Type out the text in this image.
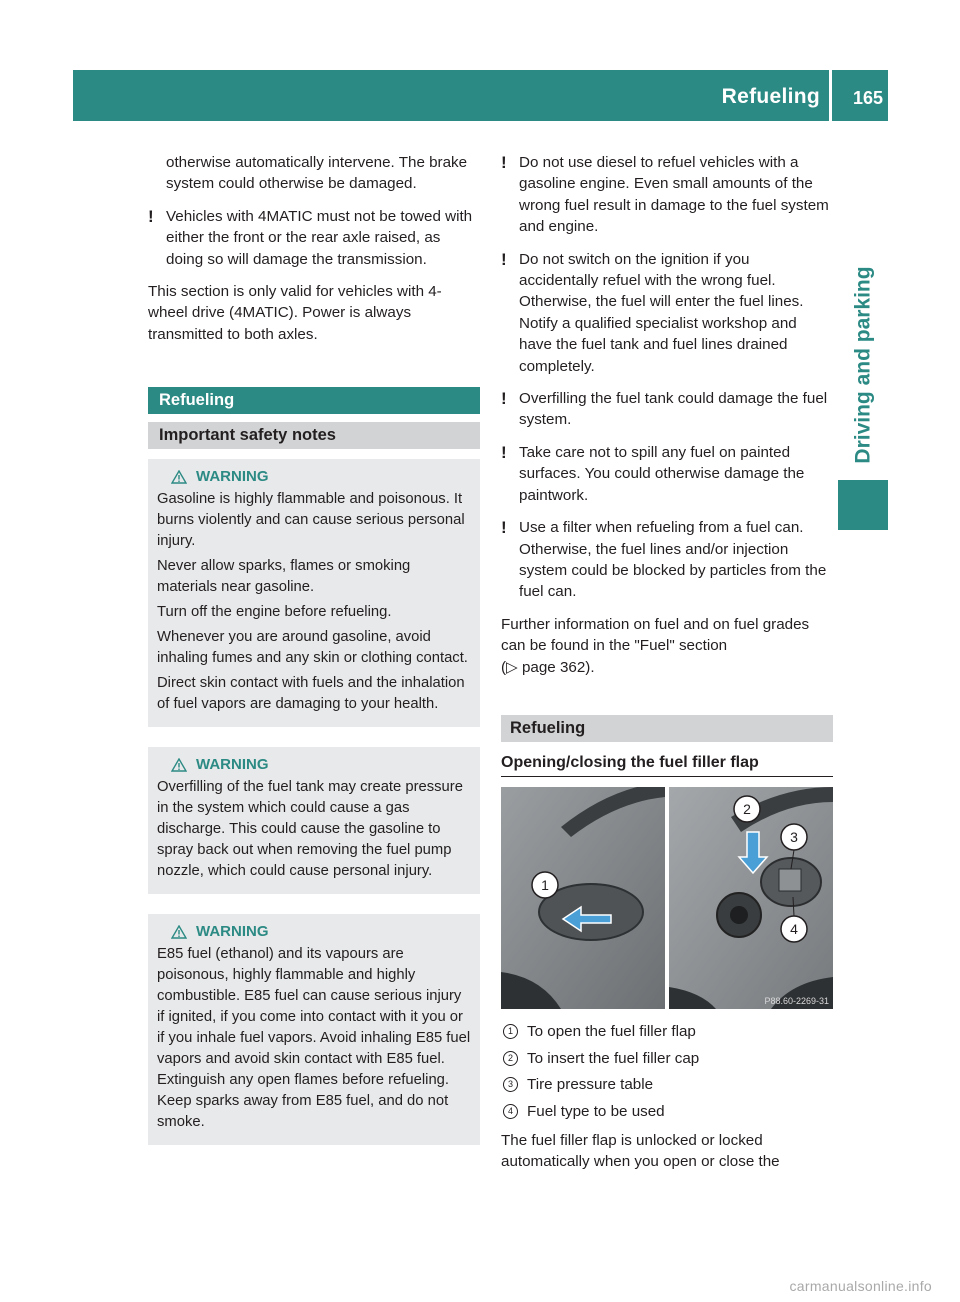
Refueling 165
Driving and parking

otherwise automatically intervene. The brake system could otherwise be damaged.

! Vehicles with 4MATIC must not be towed with either the front or the rear axle raised, as doing so will damage the transmission.

This section is only valid for vehicles with 4-wheel drive (4MATIC). Power is always transmitted to both axles.

Refueling
Important safety notes
WARNING

Gasoline is highly flammable and poisonous. It burns violently and can cause serious personal injury.

Never allow sparks, flames or smoking materials near gasoline.

Turn off the engine before refueling.

Whenever you are around gasoline, avoid inhaling fumes and any skin or clothing contact.

Direct skin contact with fuels and the inhalation of fuel vapors are damaging to your health.

WARNING

Overfilling of the fuel tank may create pressure in the system which could cause a gas discharge. This could cause the gasoline to spray back out when removing the fuel pump nozzle, which could cause personal injury.

WARNING

E85 fuel (ethanol) and its vapours are poisonous, highly flammable and highly combustible. E85 fuel can cause serious injury if ignited, if you come into contact with it you or if you inhale fuel vapors. Avoid inhaling E85 fuel vapors and avoid skin contact with E85 fuel. Extinguish any open flames before refueling. Keep sparks away from E85 fuel, and do not smoke.

! Do not use diesel to refuel vehicles with a gasoline engine. Even small amounts of the wrong fuel result in damage to the fuel system and engine.
! Do not switch on the ignition if you accidentally refuel with the wrong fuel. Otherwise, the fuel will enter the fuel lines. Notify a qualified specialist workshop and have the fuel tank and fuel lines drained completely.
! Overfilling the fuel tank could damage the fuel system.
! Take care not to spill any fuel on painted surfaces. You could otherwise damage the paintwork.
! Use a filter when refueling from a fuel can. Otherwise, the fuel lines and/or injection system could be blocked by particles from the fuel can.

Further information on fuel and on fuel grades can be found in the "Fuel" section
(▷ page 362).

Refueling
Opening/closing the fuel filler flap
1
2
3
4
P88.60-2269-31
1 To open the fuel filler flap
2 To insert the fuel filler cap
3 Tire pressure table
4 Fuel type to be used

The fuel filler flap is unlocked or locked automatically when you open or close the

carmanualsonline.info
